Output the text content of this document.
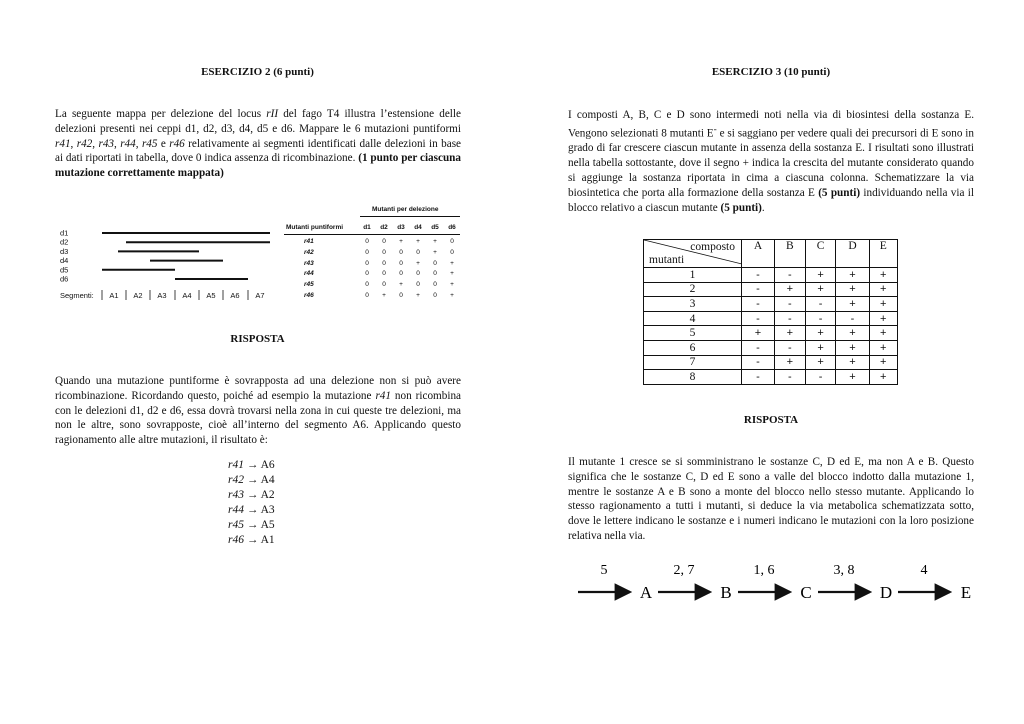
ESERCIZIO 2 (6 punti)
La seguente mappa per delezione del locus rII del fago T4 illustra l’estensione delle delezioni presenti nei ceppi d1, d2, d3, d4, d5 e d6. Mappare le 6 mutazioni puntiformi r41, r42, r43, r44, r45 e r46 relativamente ai segmenti identificati dalle delezioni in base ai dati riportati in tabella, dove 0 indica assenza di ricombinazione. (1 punto per ciascuna mutazione correttamente mappata)
d1
d2
d3
d4
d5
d6
Segmenti: A1 A2 A3 A4 A5 A6 A7
Mutanti per delezione
Mutanti puntiformi	d1	d2	d3	d4	d5	d6
r41	0	0	+	+	+	0
r42	0	0	0	0	+	0
r43	0	0	0	+	0	+
r44	0	0	0	0	0	+
r45	0	0	+	0	0	+
r46	0	+	0	+	0	+
RISPOSTA
Quando una mutazione puntiforme è sovrapposta ad una delezione non si può avere ricombinazione. Ricordando questo, poiché ad esempio la mutazione r41 non ricombina con le delezioni d1, d2 e d6, essa dovrà trovarsi nella zona in cui queste tre delezioni, ma non le altre, sono sovrapposte, cioè all’interno del segmento A6. Applicando questo ragionamento alle altre mutazioni, il risultato è:
r41 → A6
r42 → A4
r43 → A2
r44 → A3
r45 → A5
r46 → A1
ESERCIZIO 3 (10 punti)
I composti A, B, C e D sono intermedi noti nella via di biosintesi della sostanza E. Vengono selezionati 8 mutanti E- e si saggiano per vedere quali dei precursori di E sono in grado di far crescere ciascun mutante in assenza della sostanza E. I risultati sono illustrati nella tabella sottostante, dove il segno + indica la crescita del mutante considerato quando si aggiunge la sostanza riportata in cima a ciascuna colonna. Schematizzare la via biosintetica che porta alla formazione della sostanza E (5 punti) individuando nella via il blocco relativo a ciascun mutante (5 punti).
composto
mutanti	A	B	C	D	E
1	-	-	+	+	+
2	-	+	+	+	+
3	-	-	-	+	+
4	-	-	-	-	+
5	+	+	+	+	+
6	-	-	+	+	+
7	-	+	+	+	+
8	-	-	-	+	+
RISPOSTA
Il mutante 1 cresce se si somministrano le sostanze C, D ed E, ma non A e B. Questo significa che le sostanze C, D ed E sono a valle del blocco indotto dalla mutazione 1, mentre le sostanze A e B sono a monte del blocco nello stesso mutante. Applicando lo stesso ragionamento a tutti i mutanti, si deduce la via metabolica schematizzata sotto, dove le lettere indicano le sostanze e i numeri indicano le mutazioni con la loro posizione relativa nella via.
5
A
2, 7
B
1, 6
C
3, 8
D
4
E
